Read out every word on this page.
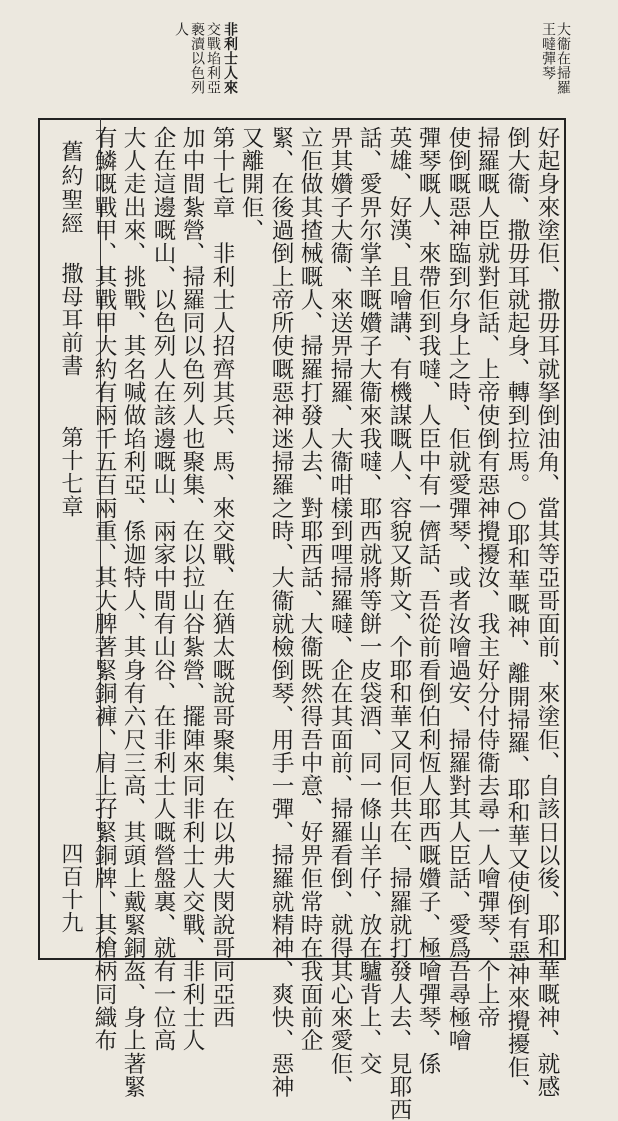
大衞在掃羅
王噠彈琴
非利士人來
交戰埳利亞
褻瀆以色列
人
舊約聖經
撒母耳前書
第十七章
四百十九	好起身來塗佢、撒毋耳就拏倒油角、當其等亞哥面前、來塗佢、自該日以後、耶和華嘅神、就感
倒大衞、撒毋耳就起身、轉到拉馬。○耶和華嘅神、離開掃羅、耶和華又使倒有惡神來攪擾佢、
掃羅嘅人臣就對佢話、上帝使倒有惡神攪擾汝、我主好分付侍衞去尋一人噲彈琴、个上帝
使倒嘅惡神臨到尔身上之時、佢就愛彈琴、或者汝噲過安、掃羅對其人臣話、愛爲吾尋極噲
彈琴嘅人、來帶佢到我噠、人臣中有一儕話、吾從前看倒伯利恆人耶西嘅㜺子、極噲彈琴、係
英雄、好漢、且噲講、有機謀嘅人、容貌又斯文、个耶和華又同佢共在、掃羅就打發人去、見耶西
話、愛畀尔掌羊嘅㜺子大衞來我噠、耶西就將等餅一皮袋酒、同一條山羊仔、放在驢背上、交
畀其㜺子大衞、來送畀掃羅、大衞咁樣到哩掃羅噠、企在其面前、掃羅看倒、就得其心來愛佢、
立佢做其揸械嘅人、掃羅打發人去、對耶西話、大衞既然得吾中意、好畀佢常時在我面前企
緊、在後過倒上帝所使嘅惡神迷掃羅之時、大衞就檢倒琴、用手一彈、掃羅就精神、爽快、惡神
又離開佢、
第十七章　非利士人招齊其兵、馬、來交戰、在猶太嘅說哥聚集、在以弗大閔說哥同亞西
加中間紮營、掃羅同以色列人也聚集、在以拉山谷紮營、擺陣來同非利士人交戰、非利士人
企在這邊嘅山、以色列人在該邊嘅山、兩家中間有山谷、在非利士人嘅營盤裏、就有一位高
大人走出來、挑戰、其名喊做埳利亞、係迦特人、其身有六尺三高、其頭上戴緊銅盔、身上著緊
有鱗嘅戰甲、其戰甲大約有兩千五百兩重、其大脾著緊銅褲、肩上孖緊銅牌、其槍柄同織布
